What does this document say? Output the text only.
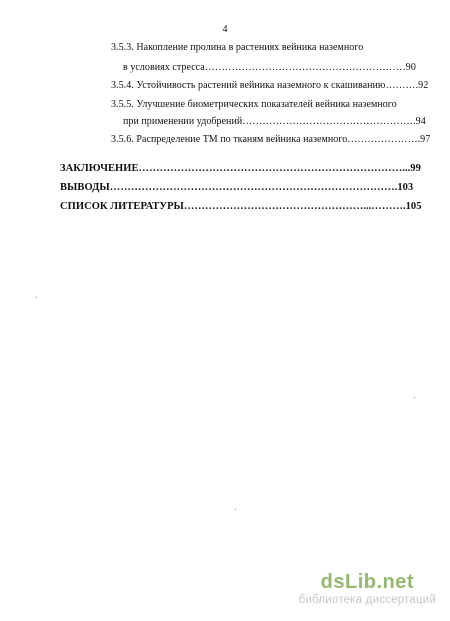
4
3.5.3. Накопление пролина в растениях вейника наземного
в условиях стресса……………………………………………………90
3.5.4. Устойчивость растений вейника наземного к скашиванию……….92
3.5.5. Улучшение биометрических показателей вейника наземного
при применении удобрений…………………………………………….94
3.5.6. Распределение ТМ по тканям вейника наземного………………….97
ЗАКЛЮЧЕНИЕ…………………………………………………………………...99
ВЫВОДЫ……………………………………………………………………….103
СПИСОК ЛИТЕРАТУРЫ……………………………………………...……….105
dsLib.net
библиотека диссертаций
